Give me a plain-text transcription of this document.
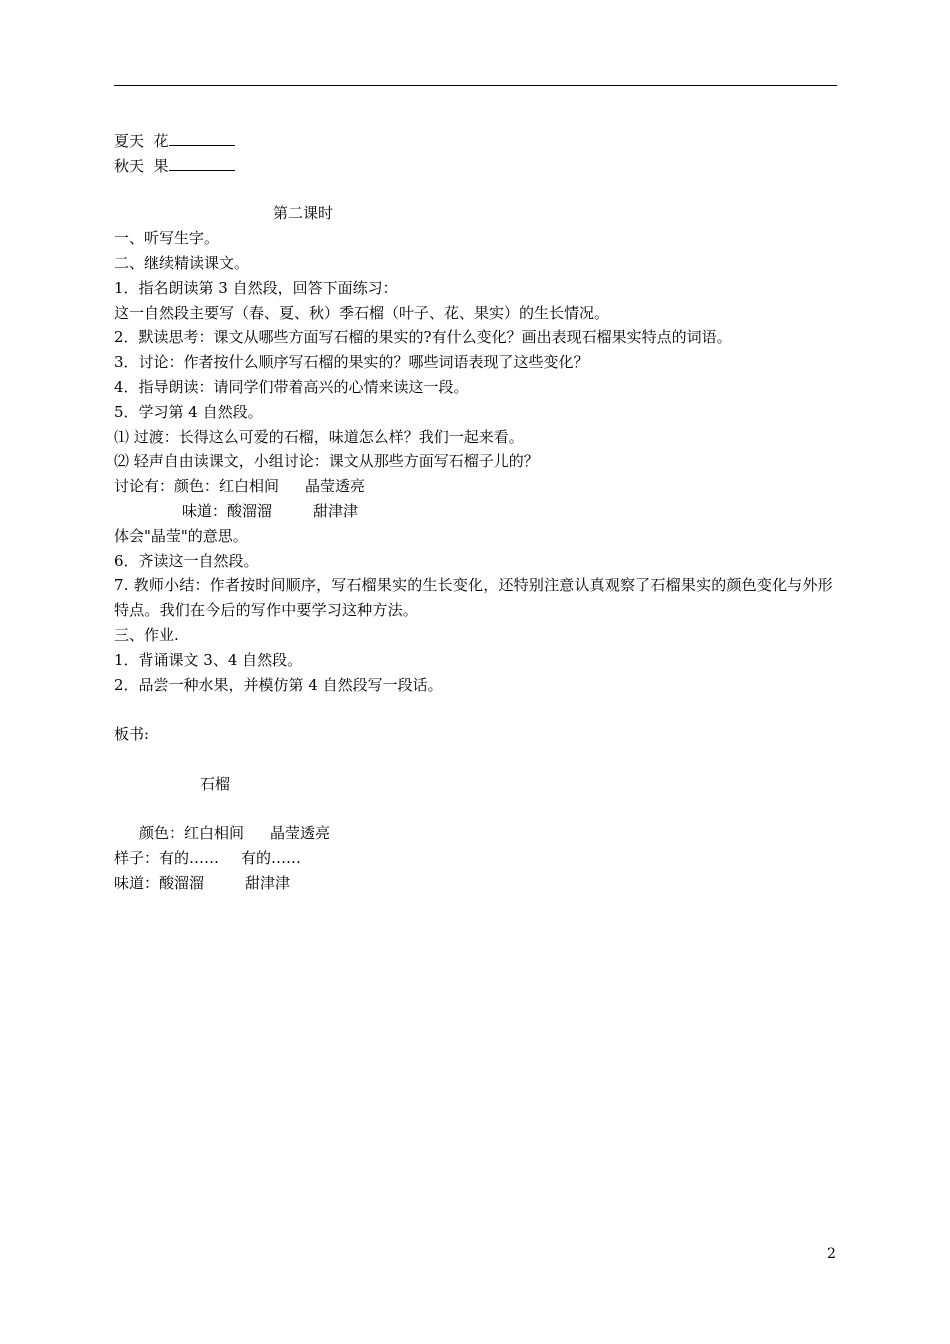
夏天  花
秋天  果
第二课时
一、听写生字。
二、继续精读课文。
1．指名朗读第 3 自然段，回答下面练习：
这一自然段主要写（春、夏、秋）季石榴（叶子、花、果实）的生长情况。
2．默读思考：课文从哪些方面写石榴的果实的?有什么变化？画出表现石榴果实特点的词语。
3．讨论：作者按什么顺序写石榴的果实的？哪些词语表现了这些变化？
4．指导朗读：请同学们带着高兴的心情来读这一段。
5．学习第 4 自然段。
⑴ 过渡：长得这么可爱的石榴，味道怎么样？我们一起来看。
⑵ 轻声自由读课文，小组讨论：课文从那些方面写石榴子儿的？
讨论有：颜色：红白相间 晶莹透亮
味道：酸溜溜	甜津津
体会"晶莹"的意思。
6．齐读这一自然段。
7. 教师小结：作者按时间顺序，写石榴果实的生长变化，还特别注意认真观察了石榴果实的颜色变化与外形特点。我们在今后的写作中要学习这种方法。
三、作业.
1．背诵课文 3、4 自然段。
2．品尝一种水果，并模仿第 4 自然段写一段话。
板书:
石榴
颜色：红白相间 晶莹透亮
样子：有的…… 有的……
味道：酸溜溜	甜津津
2
